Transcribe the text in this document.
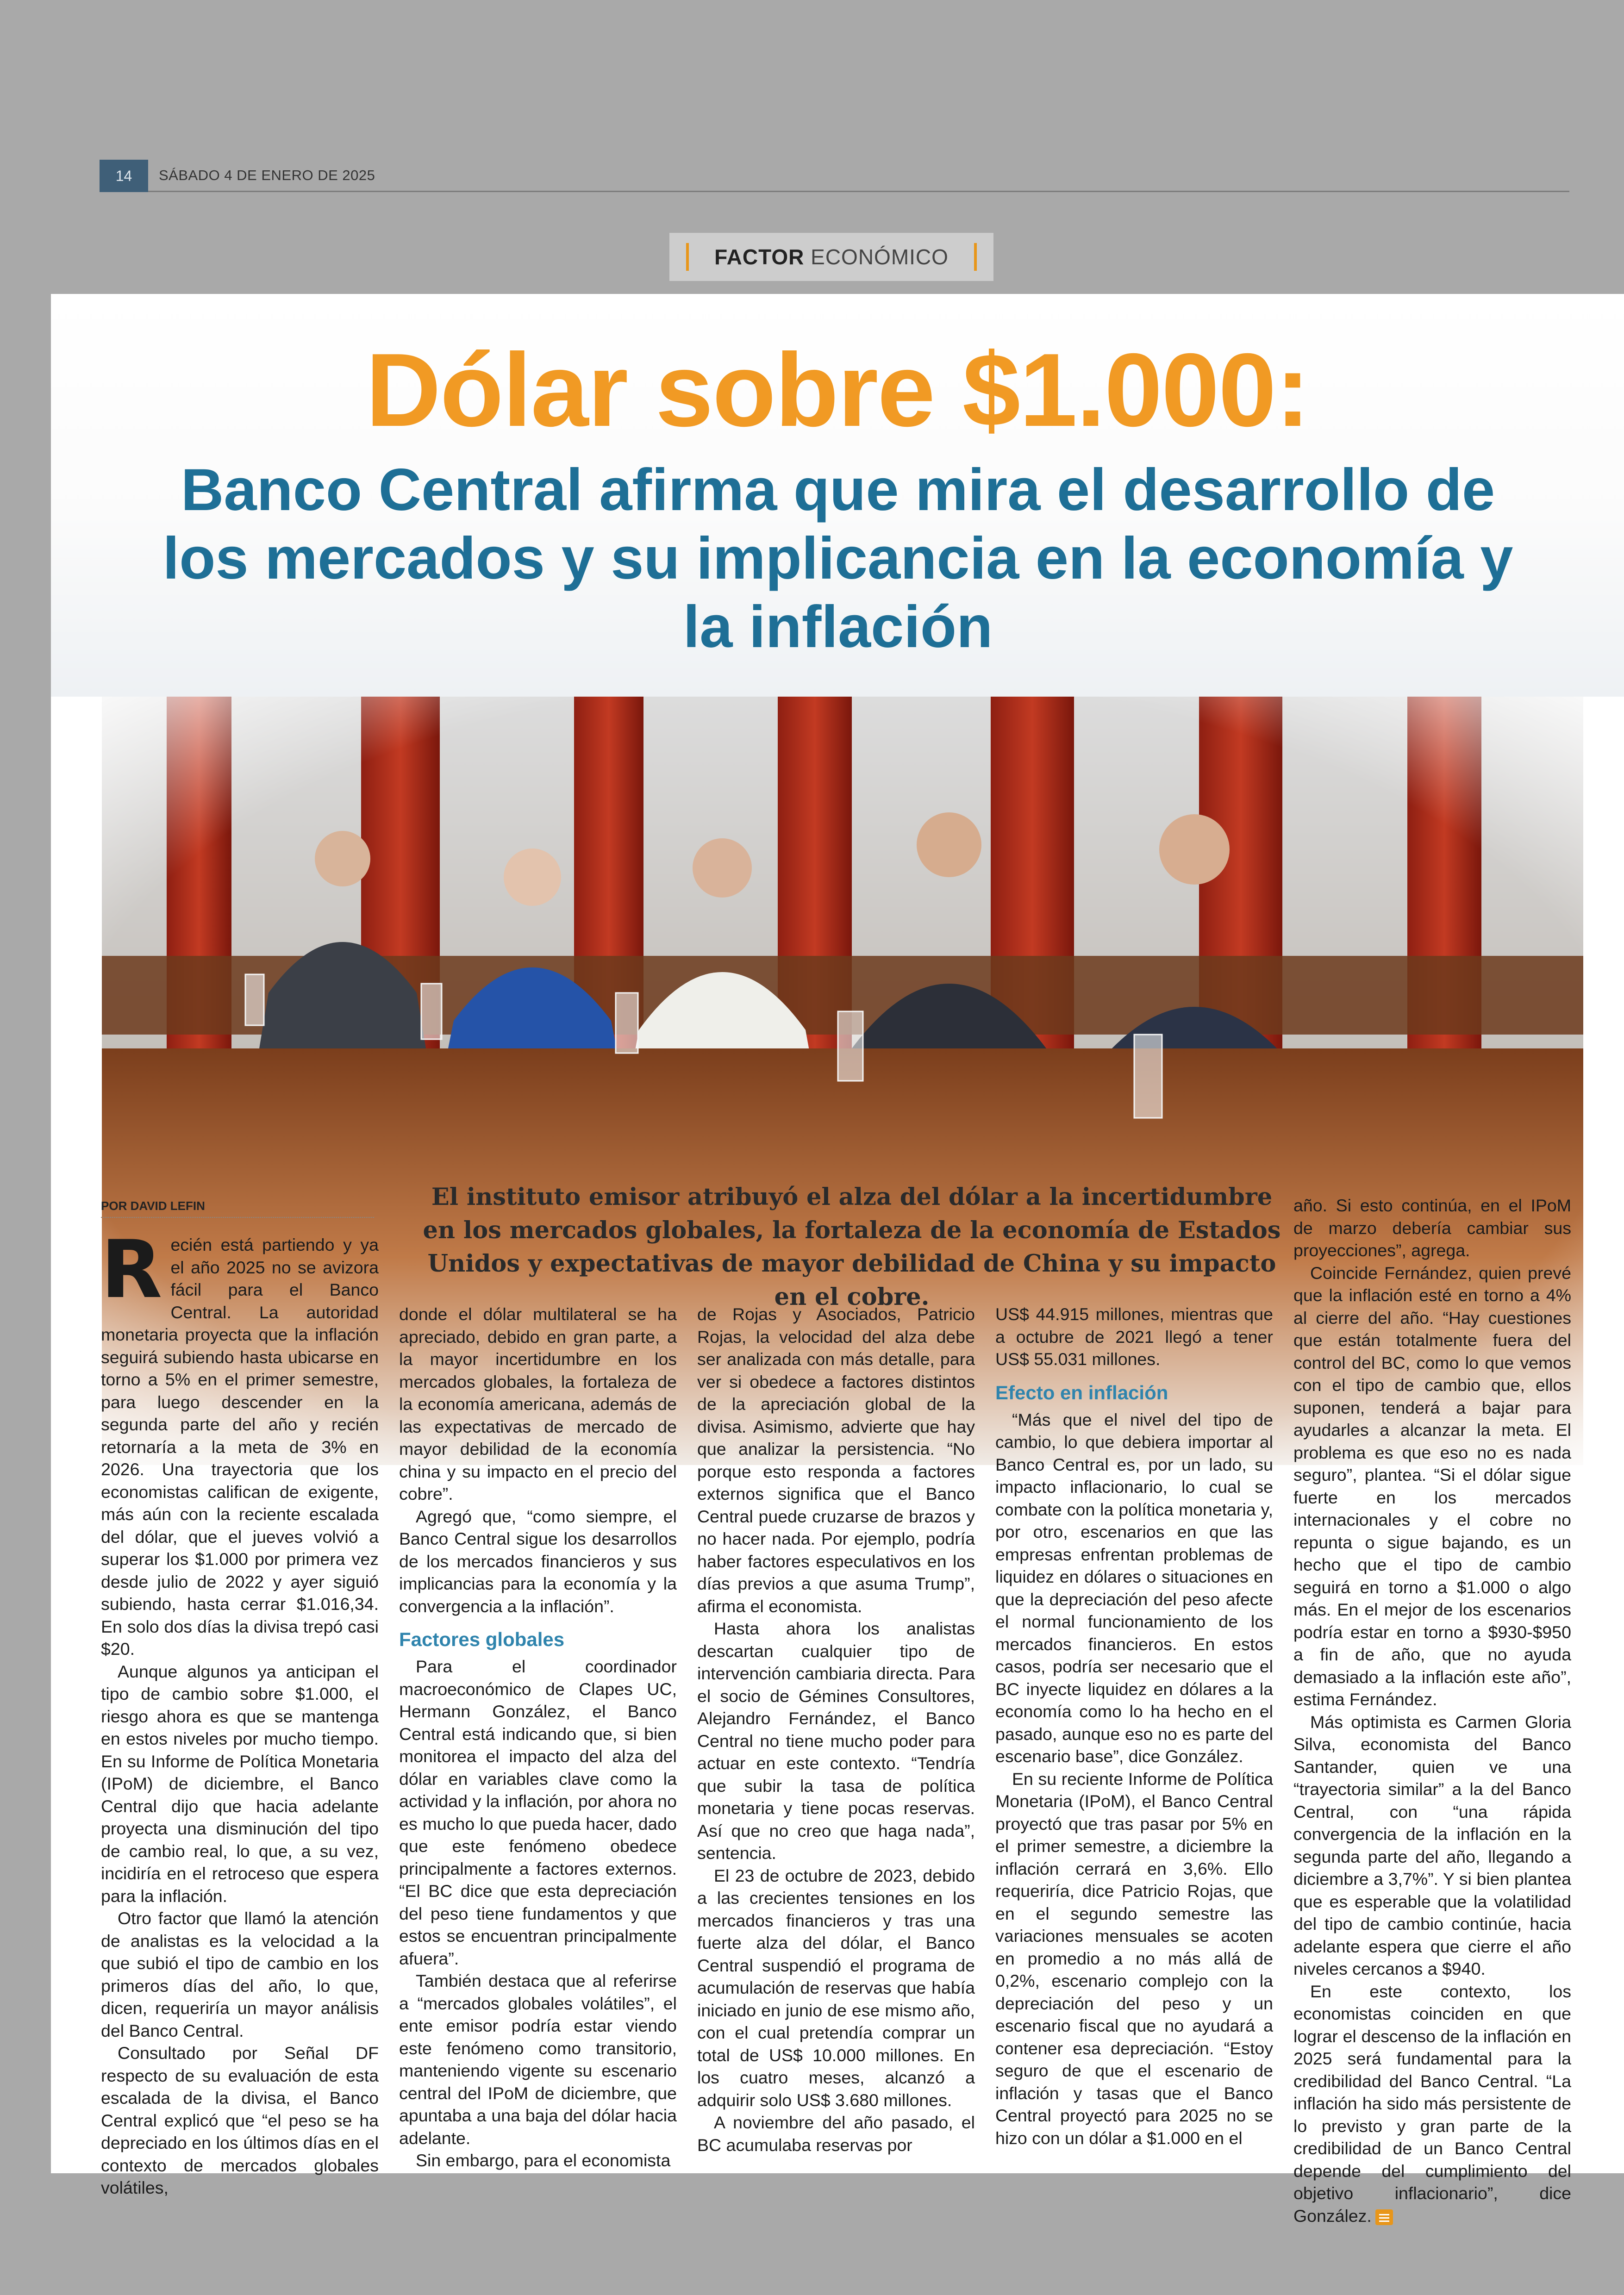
14	SÁBADO 4 DE ENERO DE 2025
FACTOR ECONÓMICO
Dólar sobre $1.000:
Banco Central afirma que mira el desarrollo de los mercados y su implicancia en la economía y la inflación
POR DAVID LEFIN	El instituto emisor atribuyó el alza del dólar a la incertidumbre en los mercados globales, la fortaleza de la economía de Estados Unidos y expectativas de mayor debilidad de China y su impacto en el cobre.
R ecién está partiendo y ya el año 2025 no se avizora fácil para el Banco Central. La autoridad monetaria proyecta que la inflación seguirá subiendo hasta ubicarse en torno a 5% en el primer semestre, para luego descender en la segunda parte del año y recién retornaría a la meta de 3% en 2026. Una trayectoria que los economistas califican de exigente, más aún con la reciente escalada del dólar, que el jueves volvió a superar los $1.000 por primera vez desde julio de 2022 y ayer siguió subiendo, hasta cerrar $1.016,34. En solo dos días la divisa trepó casi $20.

Aunque algunos ya anticipan el tipo de cambio sobre $1.000, el riesgo ahora es que se mantenga en estos niveles por mucho tiempo. En su Informe de Política Monetaria (IPoM) de diciembre, el Banco Central dijo que hacia adelante proyecta una disminución del tipo de cambio real, lo que, a su vez, incidiría en el retroceso que espera para la inflación.

Otro factor que llamó la atención de analistas es la velocidad a la que subió el tipo de cambio en los primeros días del año, lo que, dicen, requeriría un mayor análisis del Banco Central.

Consultado por Señal DF respecto de su evaluación de esta escalada de la divisa, el Banco Central explicó que “el peso se ha depreciado en los últimos días en el contexto de mercados globales volátiles,

donde el dólar multilateral se ha apreciado, debido en gran parte, a la mayor incertidumbre en los mercados globales, la fortaleza de la economía americana, además de las expectativas de mercado de mayor debilidad de la economía china y su impacto en el precio del cobre”.

Agregó que, “como siempre, el Banco Central sigue los desarrollos de los mercados financieros y sus implicancias para la economía y la convergencia a la inflación”.

Factores globales

Para el coordinador macroeconómico de Clapes UC, Hermann González, el Banco Central está indicando que, si bien monitorea el impacto del alza del dólar en variables clave como la actividad y la inflación, por ahora no es mucho lo que pueda hacer, dado que este fenómeno obedece principalmente a factores externos. “El BC dice que esta depreciación del peso tiene fundamentos y que estos se encuentran principalmente afuera”.

También destaca que al referirse a “mercados globales volátiles”, el ente emisor podría estar viendo este fenómeno como transitorio, manteniendo vigente su escenario central del IPoM de diciembre, que apuntaba a una baja del dólar hacia adelante.

Sin embargo, para el economista

de Rojas y Asociados, Patricio Rojas, la velocidad del alza debe ser analizada con más detalle, para ver si obedece a factores distintos de la apreciación global de la divisa. Asimismo, advierte que hay que analizar la persistencia. “No porque esto responda a factores externos significa que el Banco Central puede cruzarse de brazos y no hacer nada. Por ejemplo, podría haber factores especulativos en los días previos a que asuma Trump”, afirma el economista.

Hasta ahora los analistas descartan cualquier tipo de intervención cambiaria directa. Para el socio de Gémines Consultores, Alejandro Fernández, el Banco Central no tiene mucho poder para actuar en este contexto. “Tendría que subir la tasa de política monetaria y tiene pocas reservas. Así que no creo que haga nada”, sentencia.

El 23 de octubre de 2023, debido a las crecientes tensiones en los mercados financieros y tras una fuerte alza del dólar, el Banco Central suspendió el programa de acumulación de reservas que había iniciado en junio de ese mismo año, con el cual pretendía comprar un total de US$ 10.000 millones. En los cuatro meses, alcanzó a adquirir solo US$ 3.680 millones.

A noviembre del año pasado, el BC acumulaba reservas por

US$ 44.915 millones, mientras que a octubre de 2021 llegó a tener US$ 55.031 millones.

Efecto en inflación

“Más que el nivel del tipo de cambio, lo que debiera importar al Banco Central es, por un lado, su impacto inflacionario, lo cual se combate con la política monetaria y, por otro, escenarios en que las empresas enfrentan problemas de liquidez en dólares o situaciones en que la depreciación del peso afecte el normal funcionamiento de los mercados financieros. En estos casos, podría ser necesario que el BC inyecte liquidez en dólares a la economía como lo ha hecho en el pasado, aunque eso no es parte del escenario base”, dice González.

En su reciente Informe de Política Monetaria (IPoM), el Banco Central proyectó que tras pasar por 5% en el primer semestre, a diciembre la inflación cerrará en 3,6%. Ello requeriría, dice Patricio Rojas, que en el segundo semestre las variaciones mensuales se acoten en promedio a no más allá de 0,2%, escenario complejo con la depreciación del peso y un escenario fiscal que no ayudará a contener esa depreciación. “Estoy seguro de que el escenario de inflación y tasas que el Banco Central proyectó para 2025 no se hizo con un dólar a $1.000 en el

año. Si esto continúa, en el IPoM de marzo debería cambiar sus proyecciones”, agrega.

Coincide Fernández, quien prevé que la inflación esté en torno a 4% al cierre del año. “Hay cuestiones que están totalmente fuera del control del BC, como lo que vemos con el tipo de cambio que, ellos suponen, tenderá a bajar para ayudarles a alcanzar la meta. El problema es que eso no es nada seguro”, plantea. “Si el dólar sigue fuerte en los mercados internacionales y el cobre no repunta o sigue bajando, es un hecho que el tipo de cambio seguirá en torno a $1.000 o algo más. En el mejor de los escenarios podría estar en torno a $930-$950 a fin de año, que no ayuda demasiado a la inflación este año”, estima Fernández.

Más optimista es Carmen Gloria Silva, economista del Banco Santander, quien ve una “trayectoria similar” a la del Banco Central, con “una rápida convergencia de la inflación en la segunda parte del año, llegando a diciembre a 3,7%”. Y si bien plantea que es esperable que la volatilidad del tipo de cambio continúe, hacia adelante espera que cierre el año niveles cercanos a $940.

En este contexto, los economistas coinciden en que lograr el descenso de la inflación en 2025 será fundamental para la credibilidad del Banco Central. “La inflación ha sido más persistente de lo previsto y gran parte de la credibilidad de un Banco Central depende del cumplimiento del objetivo inflacionario”, dice González.
